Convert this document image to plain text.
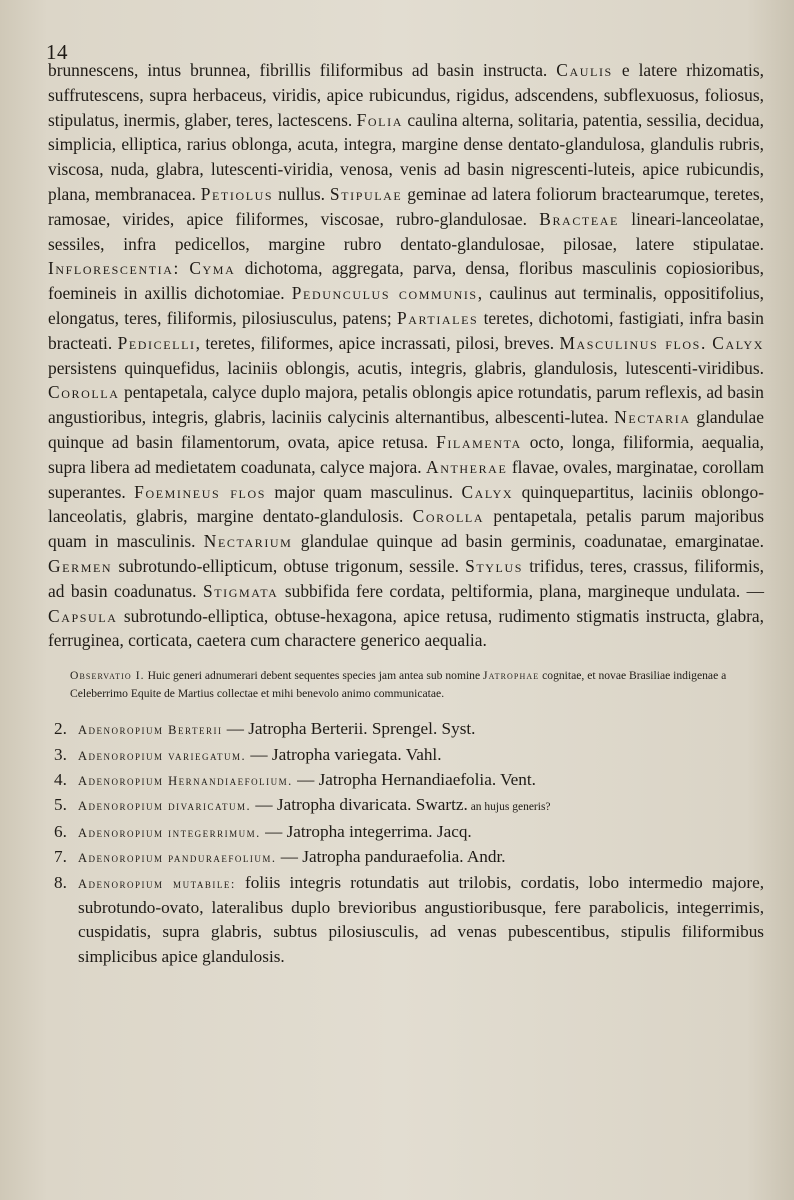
14

brunnescens, intus brunnea, fibrillis filiformibus ad basin instructa. Caulis e latere rhizomatis, suffrutescens, supra herbaceus, viridis, apice rubicundus, rigidus, adscendens, subflexuosus, foliosus, stipulatus, inermis, glaber, teres, lactescens. Folia caulina alterna, solitaria, patentia, sessilia, decidua, simplicia, elliptica, rarius oblonga, acuta, integra, margine dense dentato-glandulosa, glandulis rubris, viscosa, nuda, glabra, lutescenti-viridia, venosa, venis ad basin nigrescenti-luteis, apice rubicundis, plana, membranacea. Petiolus nullus. Stipulae geminae ad latera foliorum bractearumque, teretes, ramosae, virides, apice filiformes, viscosae, rubro-glandulosae. Bracteae lineari-lanceolatae, sessiles, infra pedicellos, margine rubro dentato-glandulosae, pilosae, latere stipulatae. Inflorescentia: Cyma dichotoma, aggregata, parva, densa, floribus masculinis copiosioribus, foemineis in axillis dichotomiae. Pedunculus communis, caulinus aut terminalis, oppositifolius, elongatus, teres, filiformis, pilosiusculus, patens; Partiales teretes, dichotomi, fastigiati, infra basin bracteati. Pedicelli, teretes, filiformes, apice incrassati, pilosi, breves. Masculinus flos. Calyx persistens quinquefidus, laciniis oblongis, acutis, integris, glabris, glandulosis, lutescenti-viridibus. Corolla pentapetala, calyce duplo majora, petalis oblongis apice rotundatis, parum reflexis, ad basin angustioribus, integris, glabris, laciniis calycinis alternantibus, albescenti-lutea. Nectaria glandulae quinque ad basin filamentorum, ovata, apice retusa. Filamenta octo, longa, filiformia, aequalia, supra libera ad medietatem coadunata, calyce majora. Antherae flavae, ovales, marginatae, corollam superantes. Foemineus flos major quam masculinus. Calyx quinquepartitus, laciniis oblongo-lanceolatis, glabris, margine dentato-glandulosis. Corolla pentapetala, petalis parum majoribus quam in masculinis. Nectarium glandulae quinque ad basin germinis, coadunatae, emarginatae. Germen subrotundo-ellipticum, obtuse trigonum, sessile. Stylus trifidus, teres, crassus, filiformis, ad basin coadunatus. Stigmata subbifida fere cordata, peltiformia, plana, margineque undulata. — Capsula subrotundo-elliptica, obtuse-hexagona, apice retusa, rudimento stigmatis instructa, glabra, ferruginea, corticata, caetera cum charactere generico aequalia.

Observatio I. Huic generi adnumerari debent sequentes species jam antea sub nomine Jatrophae cognitae, et novae Brasiliae indigenae a Celeberrimo Equite de Martius collectae et mihi benevolo animo communicatae.

2. Adenoropium Berterii — Jatropha Berterii. Sprengel. Syst.
3. Adenoropium variegatum. — Jatropha variegata. Vahl.
4. Adenoropium Hernandiaefolium. — Jatropha Hernandiaefolia. Vent.
5. Adenoropium divaricatum. — Jatropha divaricata. Swartz. an hujus generis?
6. Adenoropium integerrimum. — Jatropha integerrima. Jacq.
7. Adenoropium panduraefolium. — Jatropha panduraefolia. Andr.
8. Adenoropium mutabile: foliis integris rotundatis aut trilobis, cordatis, lobo intermedio majore, subrotundo-ovato, lateralibus duplo brevioribus angustioribusque, fere parabolicis, integerrimis, cuspidatis, supra glabris, subtus pilosiusculis, ad venas pubescentibus, stipulis filiformibus simplicibus apice glandulosis.
